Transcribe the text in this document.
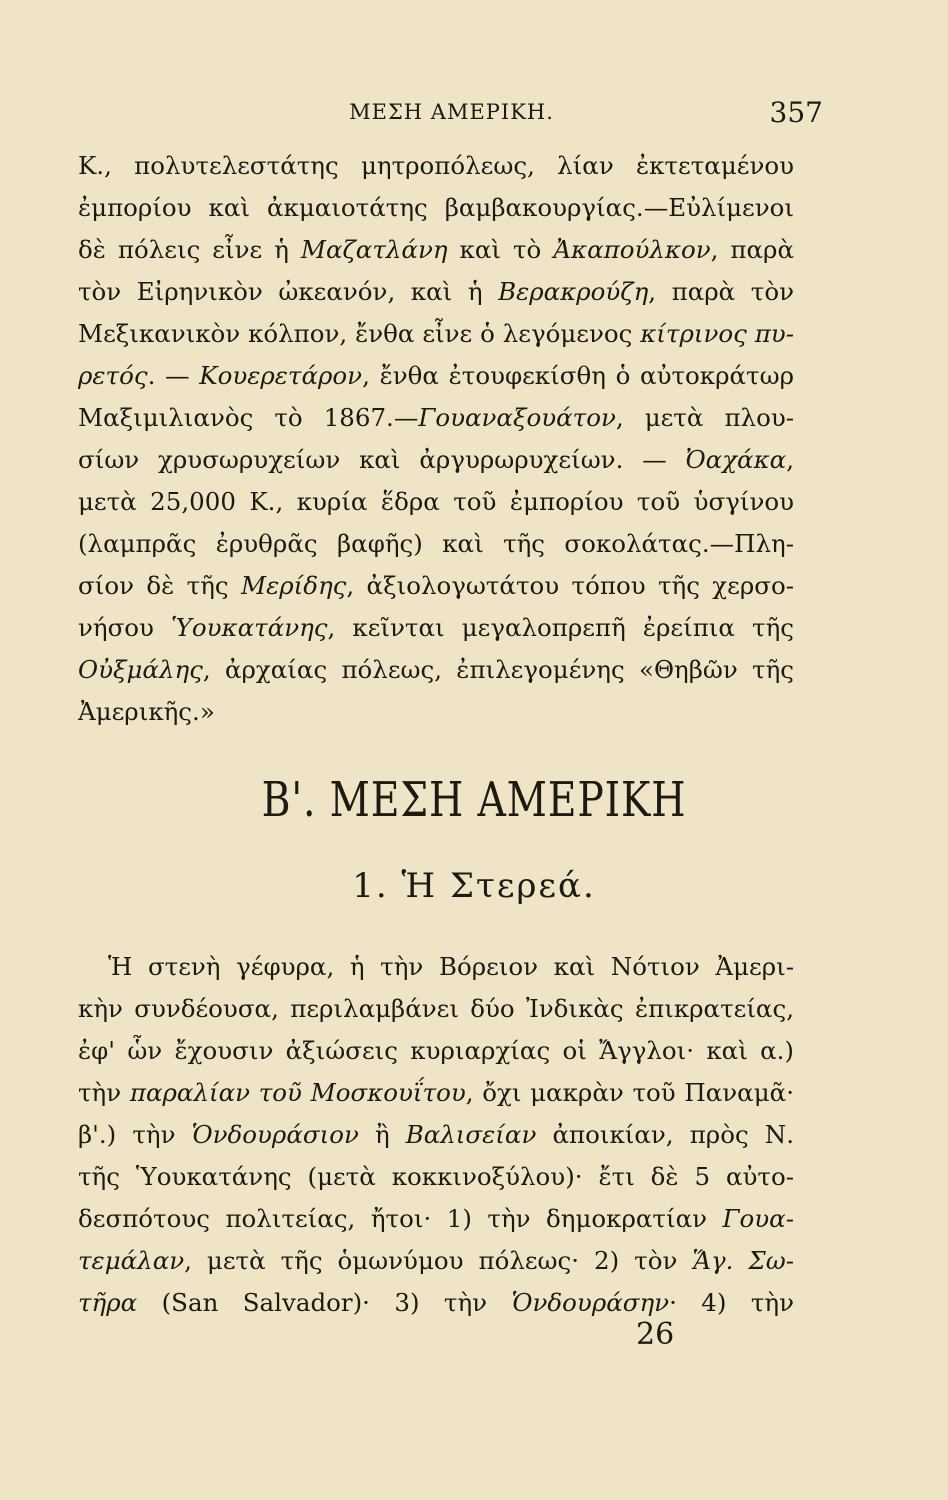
ΜΕΣΗ ΑΜΕΡΙΚΗ.	357
Κ., πολυτελεστάτης μητροπόλεως, λίαν ἐκτεταμένου
ἐμπορίου καὶ ἀκμαιοτάτης βαμβακουργίας.—Εὐλίμενοι
δὲ πόλεις εἶνε ἡ Μαζατλάνη καὶ τὸ Ἀκαπούλκον, παρὰ
τὸν Εἰρηνικὸν ὠκεανόν, καὶ ἡ Βερακρούζη, παρὰ τὸν
Μεξικανικὸν κόλπον, ἔνθα εἶνε ὁ λεγόμενος κίτρινος πυ-
ρετός. — Κουερετάρον, ἔνθα ἐτουφεκίσθη ὁ αὐτοκράτωρ
Μαξιμιλιανὸς τὸ 1867.—Γουαναξουάτον, μετὰ πλου-
σίων χρυσωρυχείων καὶ ἀργυρωρυχείων. — Ὀαχάκα,
μετὰ 25,000 Κ., κυρία ἕδρα τοῦ ἐμπορίου τοῦ ὑσγίνου
(λαμπρᾶς ἐρυθρᾶς βαφῆς) καὶ τῆς σοκολάτας.—Πλη-
σίον δὲ τῆς Μερίδης, ἀξιολογωτάτου τόπου τῆς χερσο-
νήσου Ὑουκατάνης, κεῖνται μεγαλοπρεπῆ ἐρείπια τῆς
Οὐξμάλης, ἀρχαίας πόλεως, ἐπιλεγομένης «Θηβῶν τῆς
Ἀμερικῆς.»
Β'. ΜΕΣΗ ΑΜΕΡΙΚΗ
1. Ἡ Στερεά.
Ἡ στενὴ γέφυρα, ἡ τὴν Βόρειον καὶ Νότιον Ἀμερι-
κὴν συνδέουσα, περιλαμβάνει δύο Ἰνδικὰς ἐπικρατείας,
ἐφ' ὧν ἔχουσιν ἀξιώσεις κυριαρχίας οἱ Ἄγγλοι· καὶ α.)
τὴν παραλίαν τοῦ Μοσκουΐτου, ὄχι μακρὰν τοῦ Παναμᾶ·
β'.) τὴν Ὁνδουράσιον ἢ Βαλισείαν ἀποικίαν, πρὸς Ν.
τῆς Ὑουκατάνης (μετὰ κοκκινοξύλου)· ἔτι δὲ 5 αὐτο-
δεσπότους πολιτείας, ἤτοι· 1) τὴν δημοκρατίαν Γουα-
τεμάλαν, μετὰ τῆς ὁμωνύμου πόλεως· 2) τὸν Ἅγ. Σω-
τῆρα (San Salvador)· 3) τὴν Ὁνδουράσην· 4) τὴν
26
